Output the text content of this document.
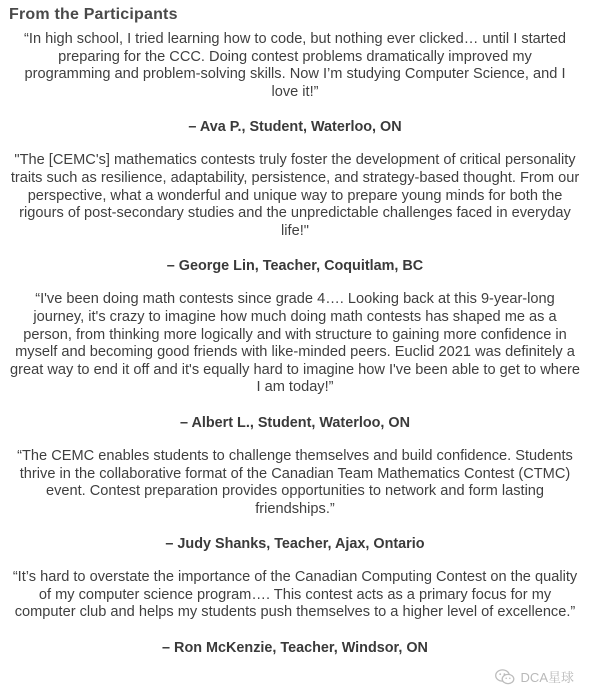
From the Participants
“In high school, I tried learning how to code, but nothing ever clicked… until I started preparing for the CCC. Doing contest problems dramatically improved my programming and problem-solving skills. Now I’m studying Computer Science, and I love it!”
– Ava P., Student, Waterloo, ON
"The [CEMC's] mathematics contests truly foster the development of critical personality traits such as resilience, adaptability, persistence, and strategy-based thought. From our perspective, what a wonderful and unique way to prepare young minds for both the rigours of post-secondary studies and the unpredictable challenges faced in everyday life!"
– George Lin, Teacher, Coquitlam, BC
“I've been doing math contests since grade 4…. Looking back at this 9-year-long journey, it's crazy to imagine how much doing math contests has shaped me as a person, from thinking more logically and with structure to gaining more confidence in myself and becoming good friends with like-minded peers. Euclid 2021 was definitely a great way to end it off and it's equally hard to imagine how I've been able to get to where I am today!”
– Albert L., Student, Waterloo, ON
“The CEMC enables students to challenge themselves and build confidence. Students thrive in the collaborative format of the Canadian Team Mathematics Contest (CTMC) event. Contest preparation provides opportunities to network and form lasting friendships.”
– Judy Shanks, Teacher, Ajax, Ontario
“It’s hard to overstate the importance of the Canadian Computing Contest on the quality of my computer science program…. This contest acts as a primary focus for my computer club and helps my students push themselves to a higher level of excellence.”
– Ron McKenzie, Teacher, Windsor, ON
DCA星球
